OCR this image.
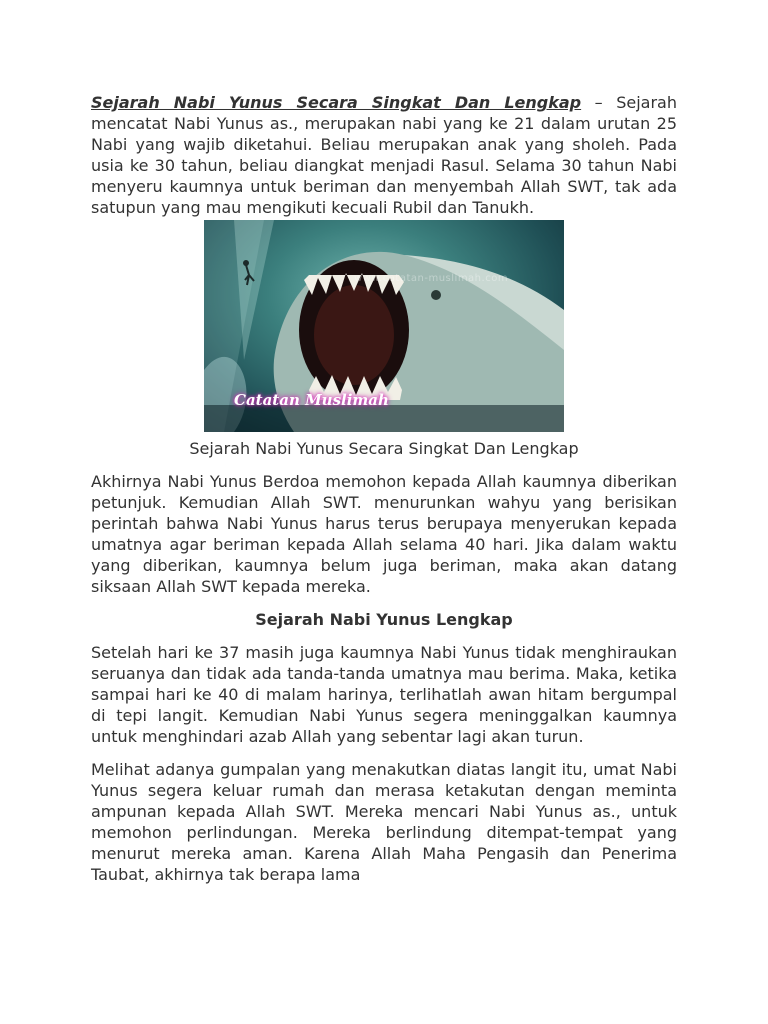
Sejarah Nabi Yunus Secara Singkat Dan Lengkap – Sejarah mencatat Nabi Yunus as., merupakan nabi yang ke 21 dalam urutan 25 Nabi yang wajib diketahui. Beliau merupakan anak yang sholeh. Pada usia ke 30 tahun, beliau diangkat menjadi Rasul. Selama 30 tahun Nabi menyeru kaumnya untuk beriman dan menyembah Allah SWT, tak ada satupun yang mau mengikuti kecuali Rubil dan Tanukh.

www.catatan-muslimah.com
Catatan Muslimah
Sejarah Nabi Yunus Secara Singkat Dan Lengkap

Akhirnya Nabi Yunus Berdoa memohon kepada Allah kaumnya diberikan petunjuk. Kemudian Allah SWT. menurunkan wahyu yang berisikan perintah bahwa Nabi Yunus harus terus berupaya menyerukan kepada umatnya agar beriman kepada Allah selama 40 hari. Jika dalam waktu yang diberikan, kaumnya belum juga beriman, maka akan datang siksaan Allah SWT kepada mereka.

Sejarah Nabi Yunus Lengkap

Setelah hari ke 37 masih juga kaumnya Nabi Yunus tidak menghiraukan seruanya dan tidak ada tanda-tanda umatnya mau berima. Maka, ketika sampai hari ke 40 di malam harinya, terlihatlah awan hitam bergumpal di tepi langit. Kemudian Nabi Yunus segera meninggalkan kaumnya untuk menghindari azab Allah yang sebentar lagi akan turun.

Melihat adanya gumpalan yang menakutkan diatas langit itu, umat Nabi Yunus segera keluar rumah dan merasa ketakutan dengan meminta ampunan kepada Allah SWT. Mereka mencari Nabi Yunus as., untuk memohon perlindungan. Mereka berlindung ditempat-tempat yang menurut mereka aman. Karena Allah Maha Pengasih dan Penerima Taubat, akhirnya tak berapa lama
